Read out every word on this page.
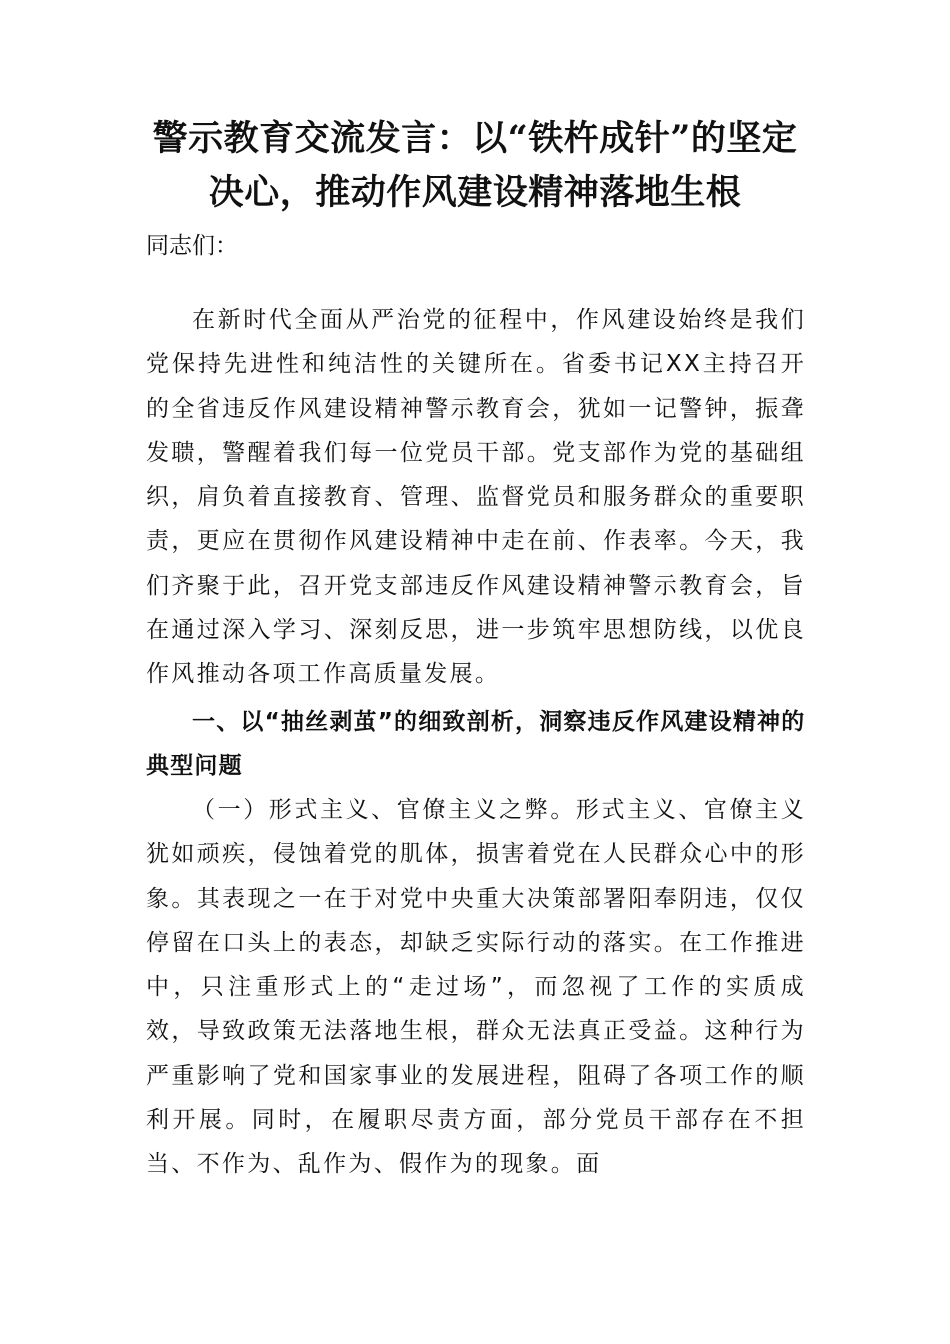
警示教育交流发言：以“铁杵成针”的坚定决心，推动作风建设精神落地生根
同志们：

在新时代全面从严治党的征程中，作风建设始终是我们党保持先进性和纯洁性的关键所在。省委书记XX主持召开的全省违反作风建设精神警示教育会，犹如一记警钟，振聋发聩，警醒着我们每一位党员干部。党支部作为党的基础组织，肩负着直接教育、管理、监督党员和服务群众的重要职责，更应在贯彻作风建设精神中走在前、作表率。今天，我们齐聚于此，召开党支部违反作风建设精神警示教育会，旨在通过深入学习、深刻反思，进一步筑牢思想防线，以优良作风推动各项工作高质量发展。

一、以“抽丝剥茧”的细致剖析，洞察违反作风建设精神的典型问题

（一）形式主义、官僚主义之弊。形式主义、官僚主义犹如顽疾，侵蚀着党的肌体，损害着党在人民群众心中的形象。其表现之一在于对党中央重大决策部署阳奉阴违，仅仅停留在口头上的表态，却缺乏实际行动的落实。在工作推进中，只注重形式上的“走过场”，而忽视了工作的实质成效，导致政策无法落地生根，群众无法真正受益。这种行为严重影响了党和国家事业的发展进程，阻碍了各项工作的顺利开展。同时，在履职尽责方面，部分党员干部存在不担当、不作为、乱作为、假作为的现象。面
